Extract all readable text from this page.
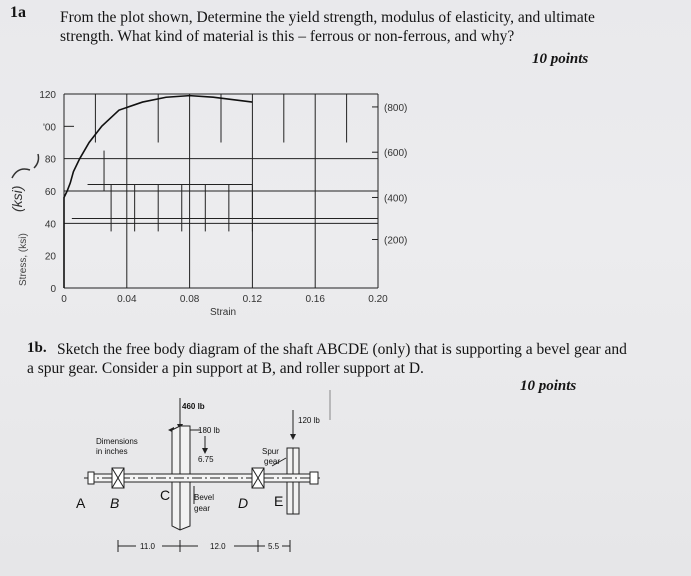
1a From the plot shown, Determine the yield strength, modulus of elasticity, and ultimate
strength. What kind of material is this – ferrous or non-ferrous, and why?
10 points
0
20
40
60
80
'00
120
0	0.04	0.08	0.12	0.16	0.20
(200)
(400)
(600)
(800)
(ksi)
Stress, (ksi)
Strain
1b. Sketch the free body diagram of the shaft ABCDE (only) that is supporting a bevel gear and
a spur gear. Consider a pin support at B, and roller support at D.
10 points
460 lb
180 lb
120 lb
Dimensions
in inches
6.75
Spur
gear
Bevel
gear
11.0	12.0	5.5
A B	C	D E
